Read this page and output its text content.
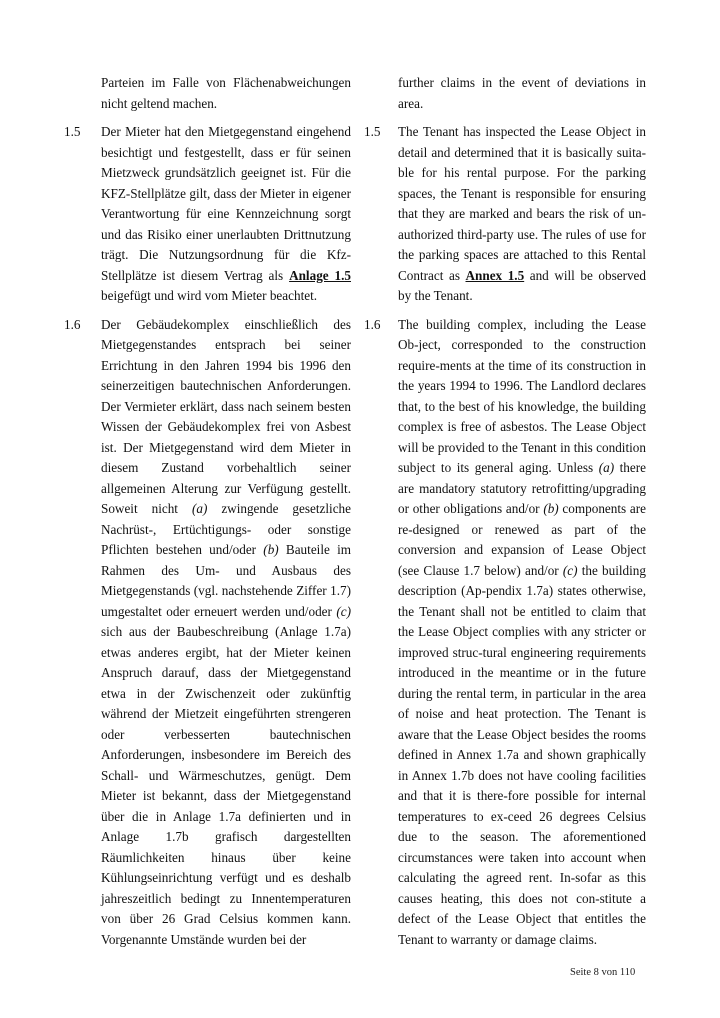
Parteien im Falle von Flächenabweichungen nicht geltend machen.

1.5 Der Mieter hat den Mietgegenstand eingehend besichtigt und festgestellt, dass er für seinen Mietzweck grundsätzlich geeignet ist. Für die KFZ-Stellplätze gilt, dass der Mieter in eigener Verantwortung für eine Kennzeichnung sorgt und das Risiko einer unerlaubten Drittnutzung trägt. Die Nutzungsordnung für die Kfz-Stellplätze ist diesem Vertrag als Anlage 1.5 beigefügt und wird vom Mieter beachtet.

1.6 Der Gebäudekomplex einschließlich des Mietgegenstandes entsprach bei seiner Errichtung in den Jahren 1994 bis 1996 den seinerzeitigen bautechnischen Anforderungen. Der Vermieter erklärt, dass nach seinem besten Wissen der Gebäudekomplex frei von Asbest ist. Der Mietgegenstand wird dem Mieter in diesem Zustand vorbehaltlich seiner allgemeinen Alterung zur Verfügung gestellt. Soweit nicht (a) zwingende gesetzliche Nachrüst-, Ertüchtigungs- oder sonstige Pflichten bestehen und/oder (b) Bauteile im Rahmen des Um- und Ausbaus des Mietgegenstands (vgl. nachstehende Ziffer 1.7) umgestaltet oder erneuert werden und/oder (c) sich aus der Baubeschreibung (Anlage 1.7a) etwas anderes ergibt, hat der Mieter keinen Anspruch darauf, dass der Mietgegenstand etwa in der Zwischenzeit oder zukünftig während der Mietzeit eingeführten strengeren oder verbesserten bautechnischen Anforderungen, insbesondere im Bereich des Schall- und Wärmeschutzes, genügt. Dem Mieter ist bekannt, dass der Mietgegenstand über die in Anlage 1.7a definierten und in Anlage 1.7b grafisch dargestellten Räumlichkeiten hinaus über keine Kühlungseinrichtung verfügt und es deshalb jahreszeitlich bedingt zu Innentemperaturen von über 26 Grad Celsius kommen kann. Vorgenannte Umstände wurden bei der

further claims in the event of deviations in area.

1.5 The Tenant has inspected the Lease Object in detail and determined that it is basically suita-ble for his rental purpose. For the parking spaces, the Tenant is responsible for ensuring that they are marked and bears the risk of un-authorized third-party use. The rules of use for the parking spaces are attached to this Rental Contract as Annex 1.5 and will be observed by the Tenant.

1.6 The building complex, including the Lease Ob-ject, corresponded to the construction require-ments at the time of its construction in the years 1994 to 1996. The Landlord declares that, to the best of his knowledge, the building complex is free of asbestos. The Lease Object will be provided to the Tenant in this condition subject to its general aging. Unless (a) there are mandatory statutory retrofitting/upgrading or other obligations and/or (b) components are re-designed or renewed as part of the conversion and expansion of Lease Object (see Clause 1.7 below) and/or (c) the building description (Ap-pendix 1.7a) states otherwise, the Tenant shall not be entitled to claim that the Lease Object complies with any stricter or improved struc-tural engineering requirements introduced in the meantime or in the future during the rental term, in particular in the area of noise and heat protection. The Tenant is aware that the Lease Object besides the rooms defined in Annex 1.7a and shown graphically in Annex 1.7b does not have cooling facilities and that it is there-fore possible for internal temperatures to ex-ceed 26 degrees Celsius due to the season. The aforementioned circumstances were taken into account when calculating the agreed rent. In-sofar as this causes heating, this does not con-stitute a defect of the Lease Object that entitles the Tenant to warranty or damage claims.

Seite 8 von 110
